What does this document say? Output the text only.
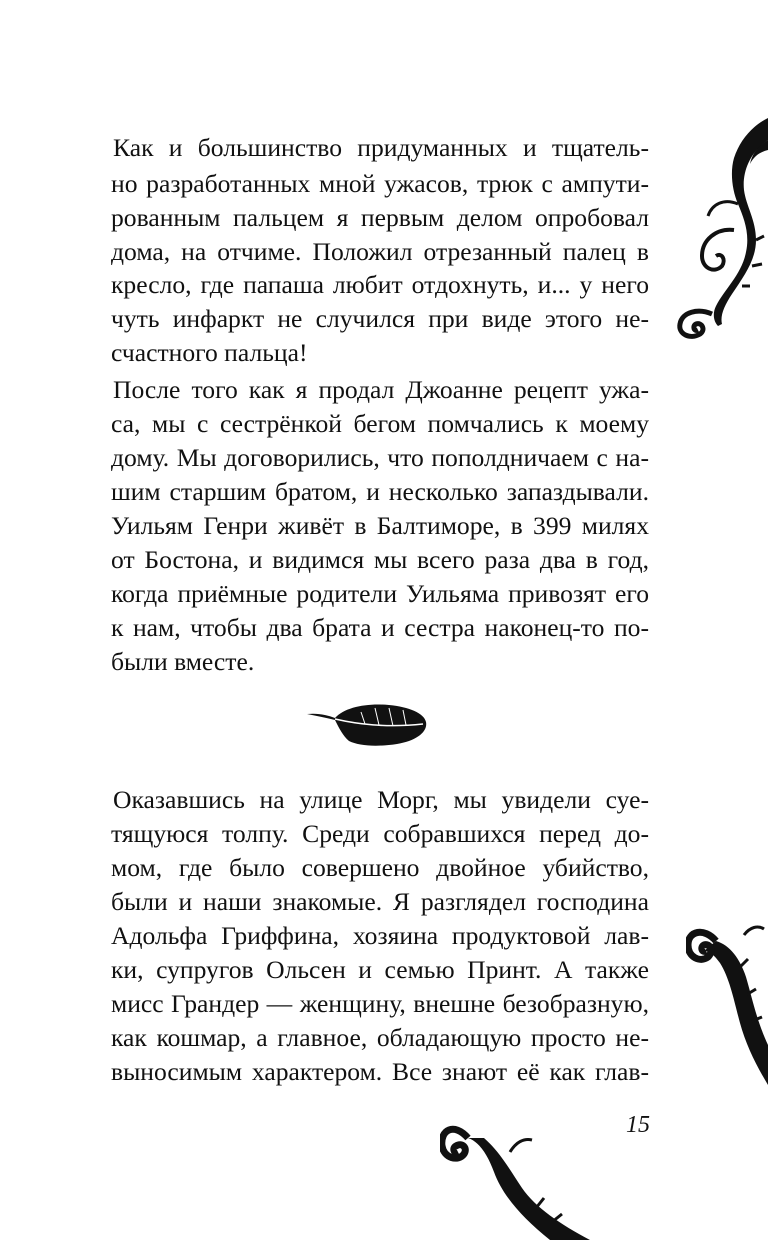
Как и большинство придуманных и тщатель-
но разработанных мной ужасов, трюк с ампути-
рованным пальцем я первым делом опробовал
дома, на отчиме. Положил отрезанный палец в
кресло, где папаша любит отдохнуть, и... у него
чуть инфаркт не случился при виде этого не-
счастного пальца!
После того как я продал Джоанне рецепт ужа-
са, мы с сестрёнкой бегом помчались к моему
дому. Мы договорились, что пополдничаем с на-
шим старшим братом, и несколько запаздывали.
Уильям Генри живёт в Балтиморе, в 399 милях
от Бостона, и видимся мы всего раза два в год,
когда приёмные родители Уильяма привозят его
к нам, чтобы два брата и сестра наконец-то по-
были вместе.
Оказавшись на улице Морг, мы увидели суе-
тящуюся толпу. Среди собравшихся перед до-
мом, где было совершено двойное убийство,
были и наши знакомые. Я разглядел господина
Адольфа Гриффина, хозяина продуктовой лав-
ки, супругов Ольсен и семью Принт. А также
мисс Грандер — женщину, внешне безобразную,
как кошмар, а главное, обладающую просто не-
выносимым характером. Все знают её как глав-
15
